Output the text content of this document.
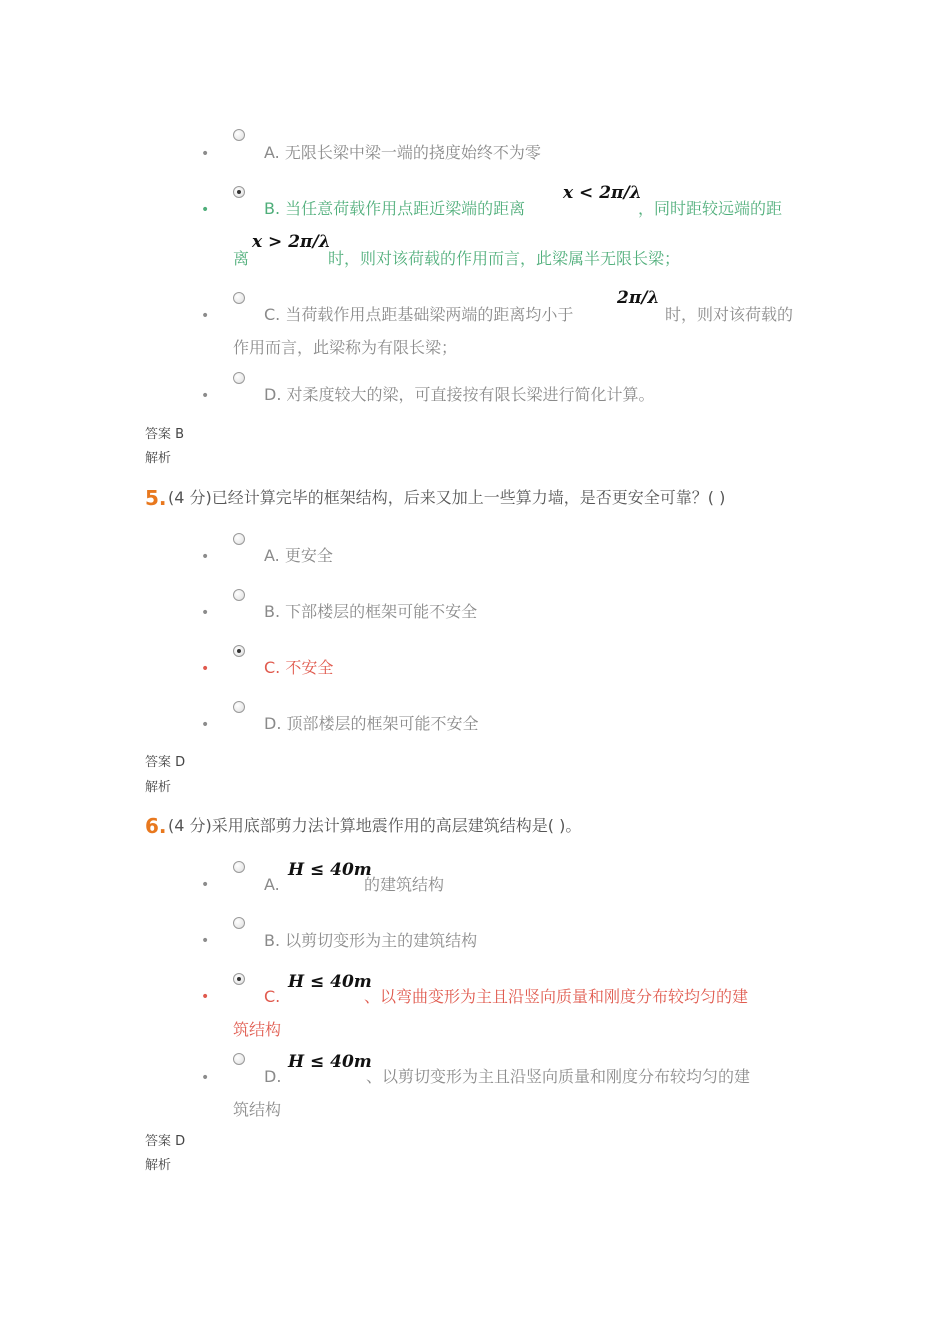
•	A. 无限长梁中梁一端的挠度始终不为零
•	B. 当任意荷载作用点距近梁端的距离
x < 2π/λ
，同时距较远端的距
离
x > 2π/λ
时，则对该荷载的作用而言，此梁属半无限长梁；
•	C. 当荷载作用点距基础梁两端的距离均小于
2π/λ
时，则对该荷载的
作用而言，此梁称为有限长梁；
•	D. 对柔度较大的梁，可直接按有限长梁进行简化计算。
答案 B
解析
5. (4 分)已经计算完毕的框架结构，后来又加上一些算力墙，是否更安全可靠？( )
•	A. 更安全
•	B. 下部楼层的框架可能不安全
•	C. 不安全
•	D. 顶部楼层的框架可能不安全
答案 D
解析
6. (4 分)采用底部剪力法计算地震作用的高层建筑结构是( )。
•	A.
H ≤ 40m
的建筑结构
•	B. 以剪切变形为主的建筑结构
•	C.
H ≤ 40m
、以弯曲变形为主且沿竖向质量和刚度分布较均匀的建
筑结构
•	D.
H ≤ 40m
、以剪切变形为主且沿竖向质量和刚度分布较均匀的建
筑结构
答案 D
解析
